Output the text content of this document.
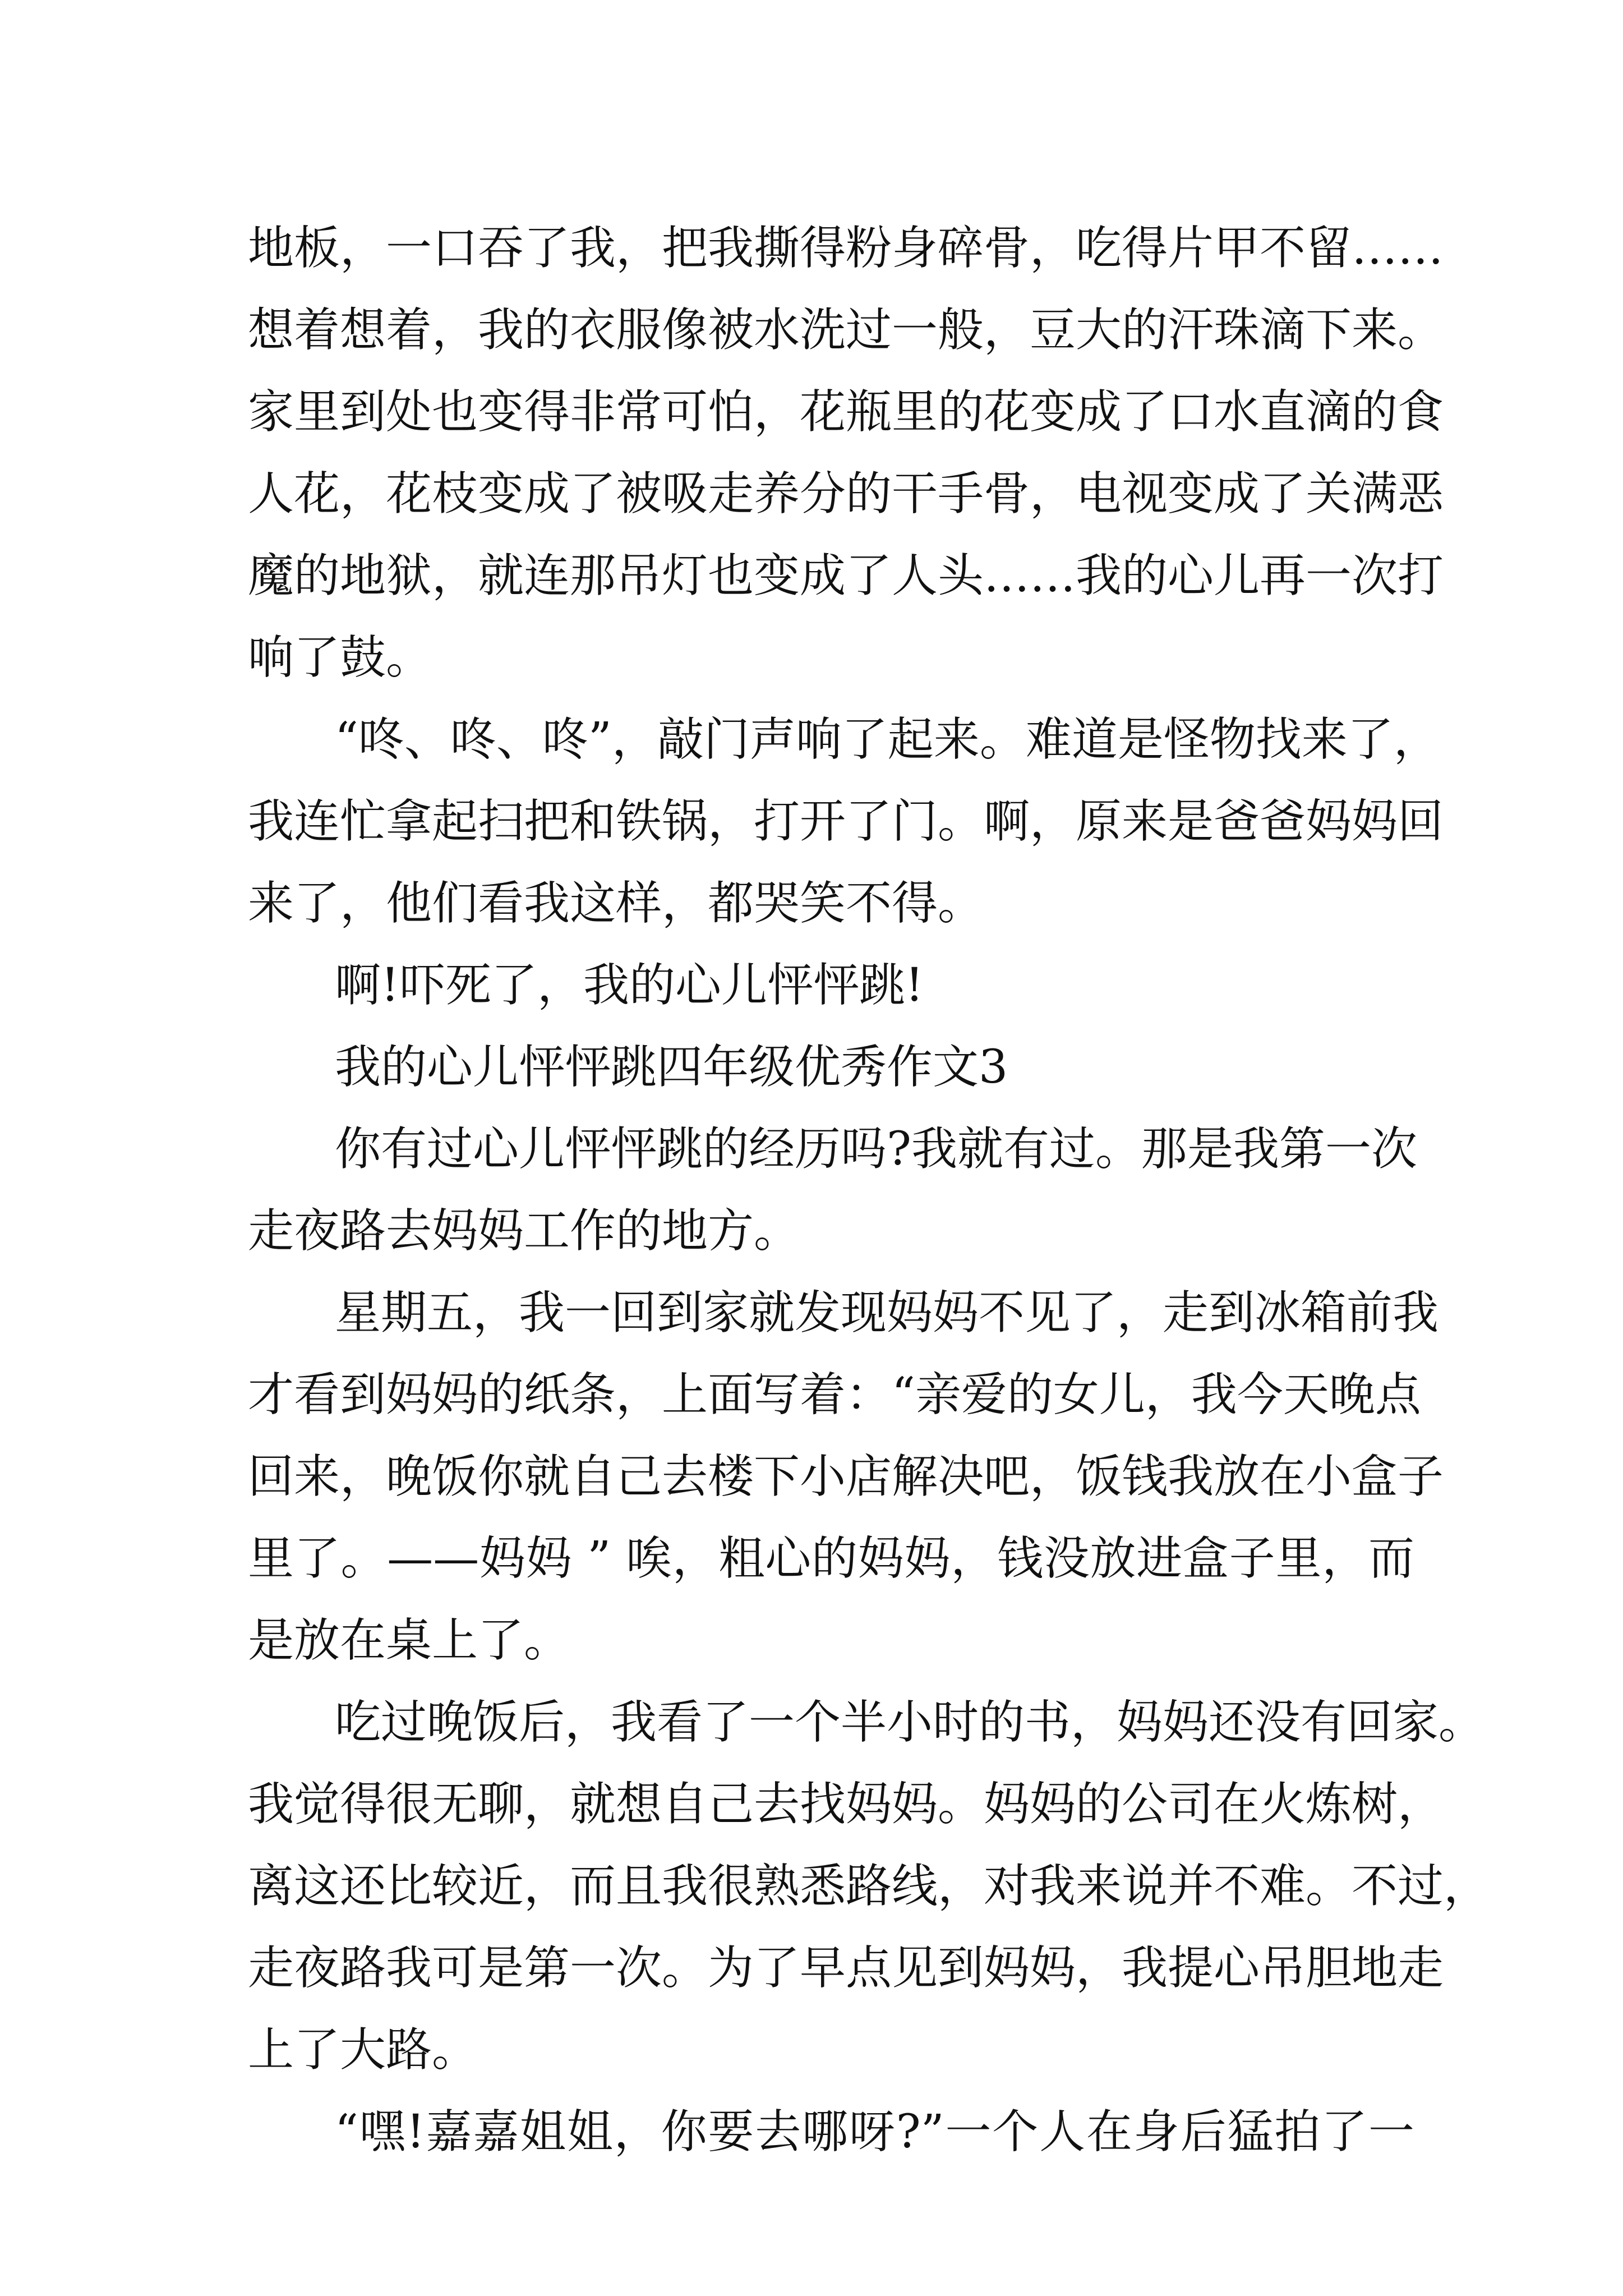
地板，一口吞了我，把我撕得粉身碎骨，吃得片甲不留……
想着想着，我的衣服像被水洗过一般，豆大的汗珠滴下来。
家里到处也变得非常可怕，花瓶里的花变成了口水直滴的食
人花，花枝变成了被吸走养分的干手骨，电视变成了关满恶
魔的地狱，就连那吊灯也变成了人头……我的心儿再一次打
响了鼓。
“咚、咚、咚”，敲门声响了起来。难道是怪物找来了，
我连忙拿起扫把和铁锅，打开了门。啊，原来是爸爸妈妈回
来了，他们看我这样，都哭笑不得。
啊!吓死了，我的心儿怦怦跳!
我的心儿怦怦跳四年级优秀作文3
你有过心儿怦怦跳的经历吗?我就有过。那是我第一次
走夜路去妈妈工作的地方。
星期五，我一回到家就发现妈妈不见了，走到冰箱前我
才看到妈妈的纸条，上面写着：“亲爱的女儿，我今天晚点
回来，晚饭你就自己去楼下小店解决吧，饭钱我放在小盒子
里了。——妈妈 ” 唉，粗心的妈妈，钱没放进盒子里，而
是放在桌上了。
吃过晚饭后，我看了一个半小时的书，妈妈还没有回家。
我觉得很无聊，就想自己去找妈妈。妈妈的公司在火炼树，
离这还比较近，而且我很熟悉路线，对我来说并不难。不过，
走夜路我可是第一次。为了早点见到妈妈，我提心吊胆地走
上了大路。
“嘿!嘉嘉姐姐，你要去哪呀?”一个人在身后猛拍了一
